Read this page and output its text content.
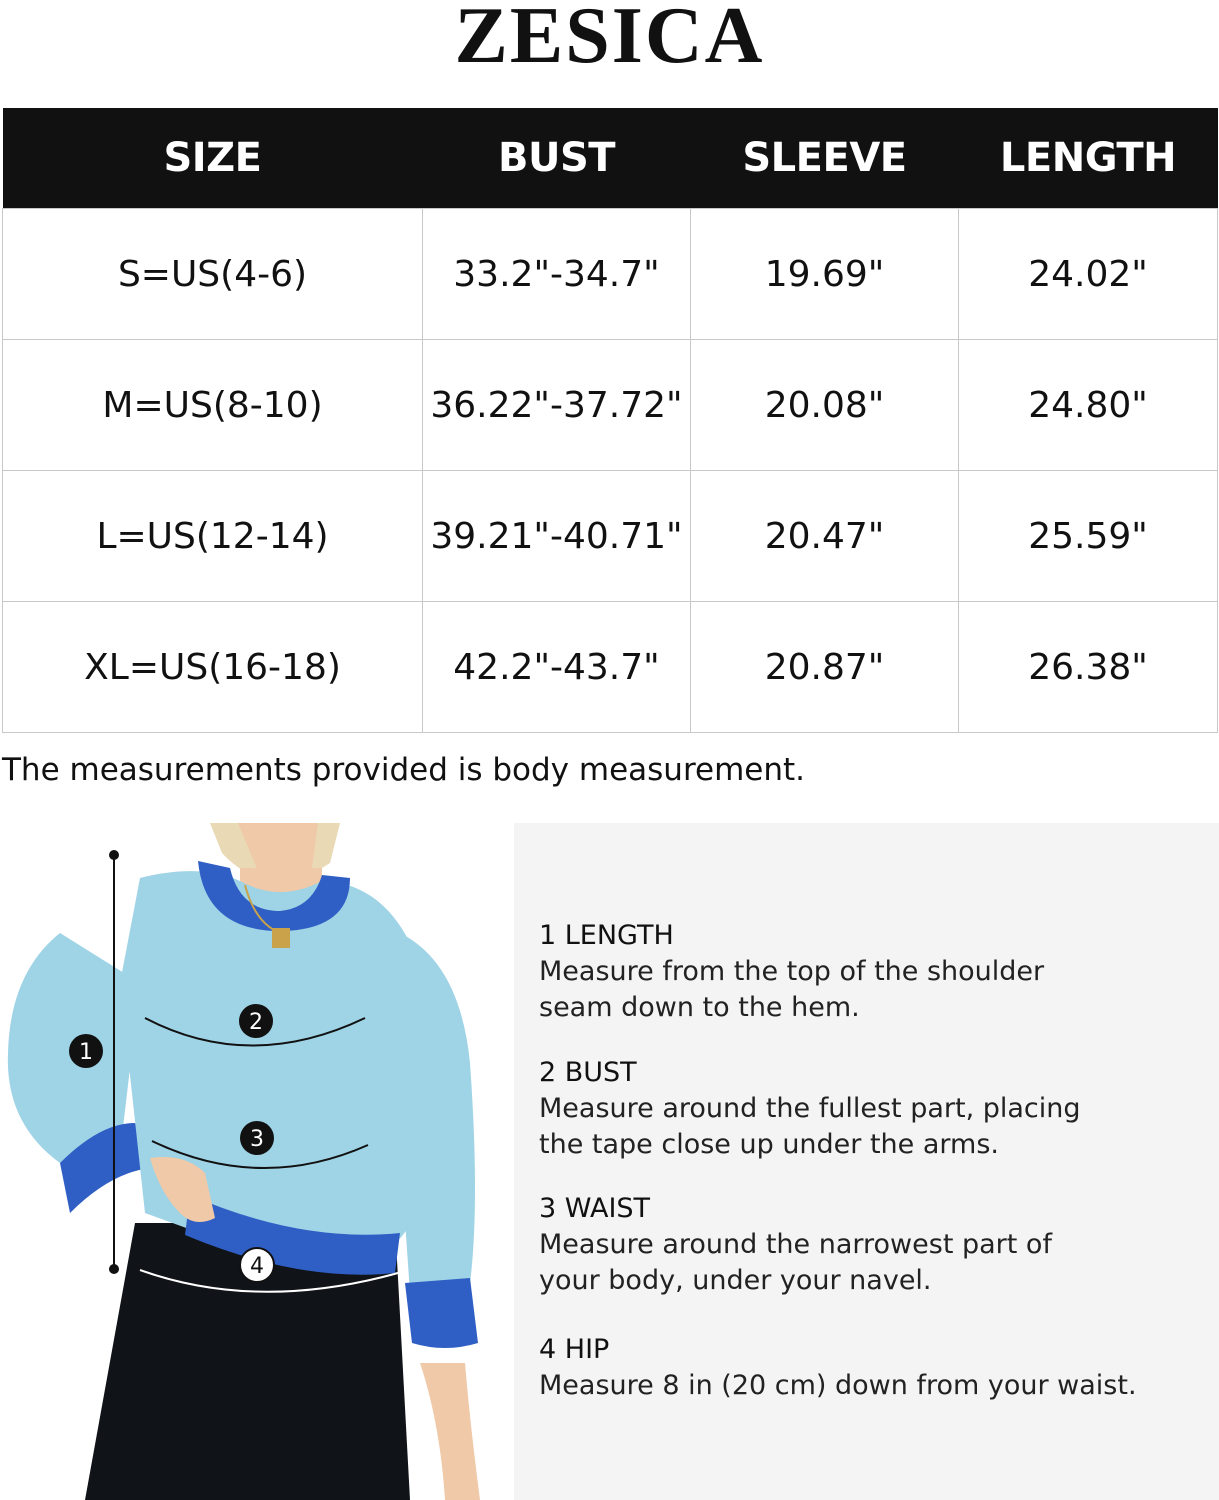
ZESICA
SIZE	BUST	SLEEVE	LENGTH
S=US(4-6)	33.2"-34.7"	19.69"	24.02"
M=US(8-10)	36.22"-37.72"	20.08"	24.80"
L=US(12-14)	39.21"-40.71"	20.47"	25.59"
XL=US(16-18)	42.2"-43.7"	20.87"	26.38"
The measurements provided is body measurement.
1
2
3
4
1 LENGTH
Measure from the top of the shoulder
seam down to the hem.
2 BUST
Measure around the fullest part, placing
the tape close up under the arms.
3 WAIST
Measure around the narrowest part of
your body, under your navel.
4 HIP
Measure 8 in (20 cm) down from your waist.
